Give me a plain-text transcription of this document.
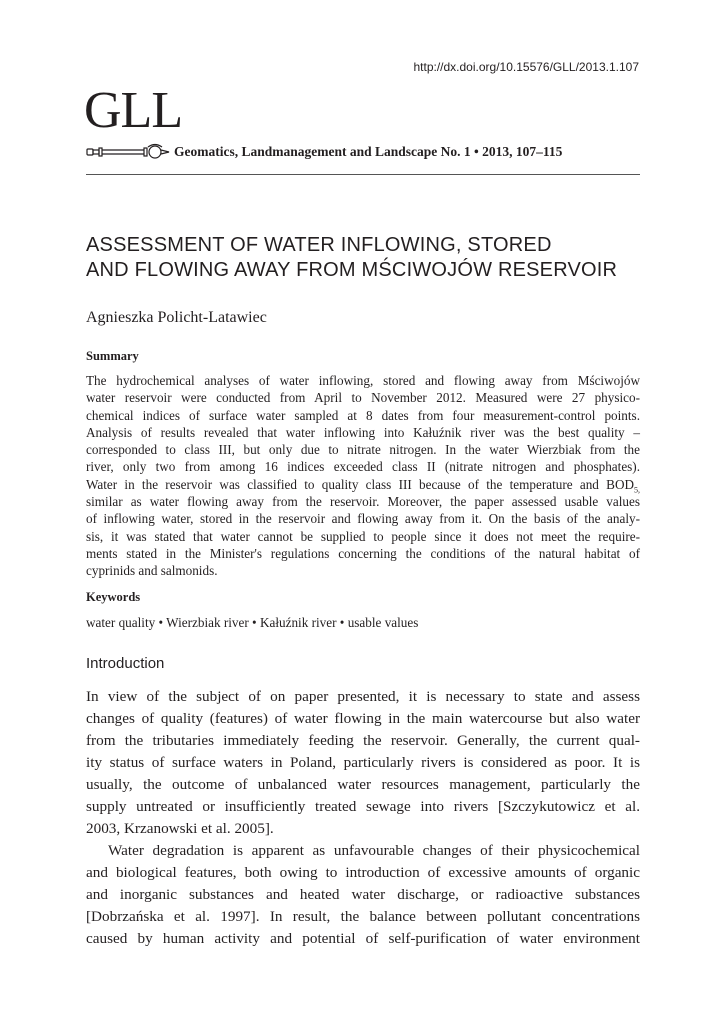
http://dx.doi.org/10.15576/GLL/2013.1.107
GLL
Geomatics, Landmanagement and Landscape No. 1 • 2013, 107–115
ASSESSMENT OF WATER INFLOWING, STORED
AND FLOWING AWAY FROM MŚCIWOJÓW RESERVOIR
Agnieszka Policht-Latawiec
Summary
The hydrochemical analyses of water inflowing, stored and flowing away from Mściwojów
water reservoir were conducted from April to November 2012. Measured were 27 physico-
chemical indices of surface water sampled at 8 dates from four measurement-control points.
Analysis of results revealed that water inflowing into Kałuźnik river was the best quality –
corresponded to class III, but only due to nitrate nitrogen. In the water Wierzbiak from the
river, only two from among 16 indices exceeded class II (nitrate nitrogen and phosphates).
Water in the reservoir was classified to quality class III because of the temperature and $BOD_{5,}$
similar as water flowing away from the reservoir. Moreover, the paper assessed usable values
of inflowing water, stored in the reservoir and flowing away from it. On the basis of the analy-
sis, it was stated that water cannot be supplied to people since it does not meet the require-
ments stated in the Minister's regulations concerning the conditions of the natural habitat of
cyprinids and salmonids.
Keywords
water quality • Wierzbiak river • Kałuźnik river • usable values
Introduction
In view of the subject of on paper presented, it is necessary to state and assess
changes of quality (features) of water flowing in the main watercourse but also water
from the tributaries immediately feeding the reservoir. Generally, the current qual-
ity status of surface waters in Poland, particularly rivers is considered as poor. It is
usually, the outcome of unbalanced water resources management, particularly the
supply untreated or insufficiently treated sewage into rivers [Szczykutowicz et al.
2003, Krzanowski et al. 2005].
Water degradation is apparent as unfavourable changes of their physicochemical
and biological features, both owing to introduction of excessive amounts of organic
and inorganic substances and heated water discharge, or radioactive substances
[Dobrzańska et al. 1997]. In result, the balance between pollutant concentrations
caused by human activity and potential of self-purification of water environment
